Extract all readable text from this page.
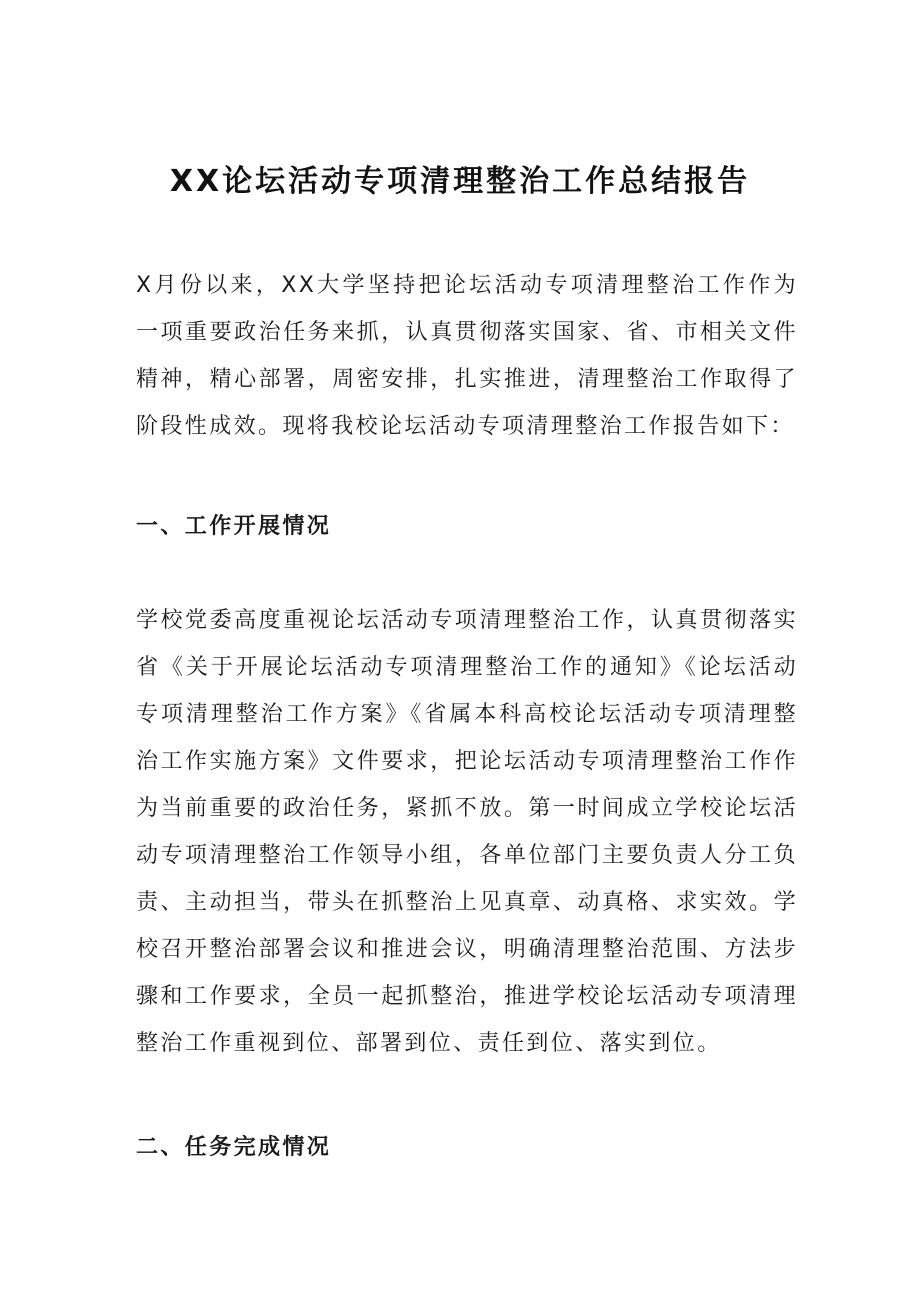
XX论坛活动专项清理整治工作总结报告

X月份以来，XX大学坚持把论坛活动专项清理整治工作作为一项重要政治任务来抓，认真贯彻落实国家、省、市相关文件精神，精心部署，周密安排，扎实推进，清理整治工作取得了阶段性成效。现将我校论坛活动专项清理整治工作报告如下：

一、工作开展情况

学校党委高度重视论坛活动专项清理整治工作，认真贯彻落实省《关于开展论坛活动专项清理整治工作的通知》《论坛活动专项清理整治工作方案》《省属本科高校论坛活动专项清理整治工作实施方案》文件要求，把论坛活动专项清理整治工作作为当前重要的政治任务，紧抓不放。第一时间成立学校论坛活动专项清理整治工作领导小组，各单位部门主要负责人分工负责、主动担当，带头在抓整治上见真章、动真格、求实效。学校召开整治部署会议和推进会议，明确清理整治范围、方法步骤和工作要求，全员一起抓整治，推进学校论坛活动专项清理整治工作重视到位、部署到位、责任到位、落实到位。

二、任务完成情况
